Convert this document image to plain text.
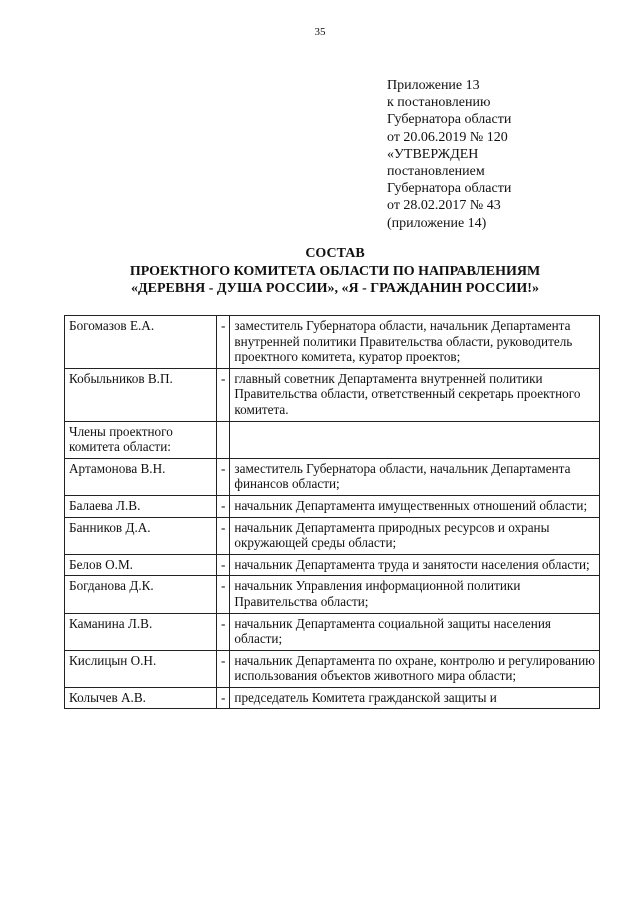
35
Приложение 13
к постановлению
Губернатора области
от 20.06.2019 № 120
«УТВЕРЖДЕН
постановлением
Губернатора области
от 28.02.2017 № 43
(приложение 14)
СОСТАВ
ПРОЕКТНОГО КОМИТЕТА ОБЛАСТИ ПО НАПРАВЛЕНИЯМ
«ДЕРЕВНЯ - ДУША РОССИИ», «Я - ГРАЖДАНИН РОССИИ!»
Богомазов Е.А.	-	заместитель Губернатора области, начальник Департамента внутренней политики Правительства области, руководитель проектного комитета, куратор проектов;
Кобыльников В.П.	-	главный советник Департамента внутренней политики Правительства области, ответственный секретарь проектного комитета.
Члены проектного комитета области:		
Артамонова В.Н.	-	заместитель Губернатора области, начальник Департамента финансов области;
Балаева Л.В.	-	начальник Департамента имущественных отношений области;
Банников Д.А.	-	начальник Департамента природных ресурсов и охраны окружающей среды области;
Белов О.М.	-	начальник Департамента труда и занятости населения области;
Богданова Д.К.	-	начальник Управления информационной политики Правительства области;
Каманина Л.В.	-	начальник Департамента социальной защиты населения области;
Кислицын О.Н.	-	начальник Департамента по охране, контролю и регулированию использования объектов животного мира области;
Колычев А.В.	-	председатель Комитета гражданской защиты и
